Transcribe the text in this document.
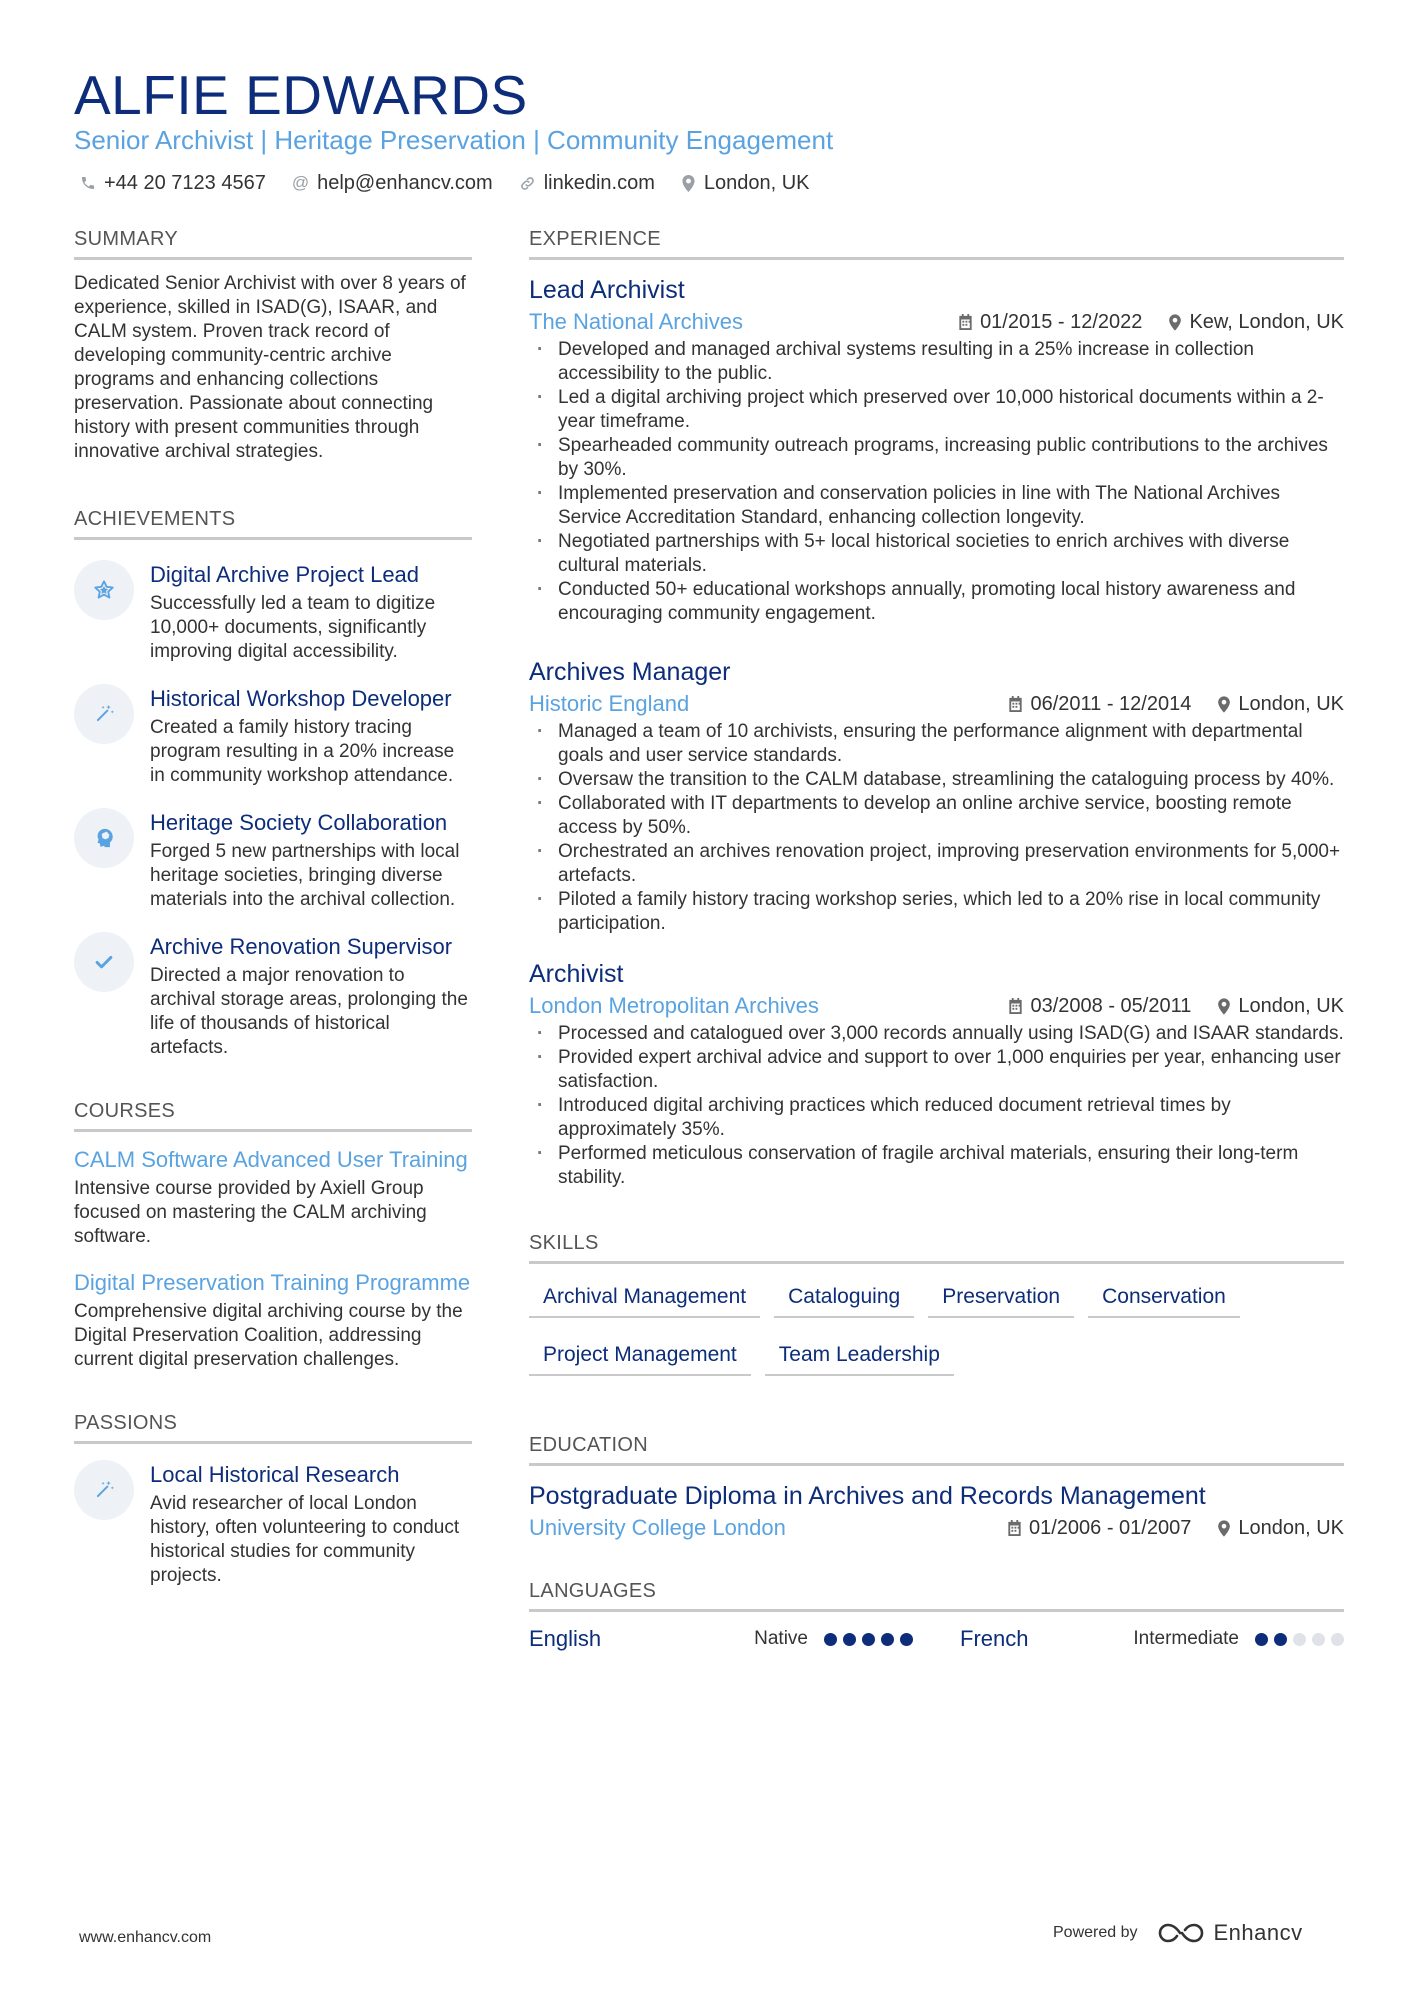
ALFIE EDWARDS
Senior Archivist | Heritage Preservation | Community Engagement
+44 20 7123 4567 @ help@enhancv.com	linkedin.com London, UK
SUMMARY

Dedicated Senior Archivist with over 8 years of experience, skilled in ISAD(G), ISAAR, and CALM system. Proven track record of developing community-centric archive programs and enhancing collections preservation. Passionate about connecting history with present communities through innovative archival strategies.

ACHIEVEMENTS
Digital Archive Project Lead

Successfully led a team to digitize 10,000+ documents, significantly improving digital accessibility.

Historical Workshop Developer

Created a family history tracing program resulting in a 20% increase in community workshop attendance.

Heritage Society Collaboration

Forged 5 new partnerships with local heritage societies, bringing diverse materials into the archival collection.

Archive Renovation Supervisor

Directed a major renovation to archival storage areas, prolonging the life of thousands of historical artefacts.

COURSES
CALM Software Advanced User Training

Intensive course provided by Axiell Group focused on mastering the CALM archiving software.

Digital Preservation Training Programme

Comprehensive digital archiving course by the Digital Preservation Coalition, addressing current digital preservation challenges.

PASSIONS
Local Historical Research

Avid researcher of local London history, often volunteering to conduct historical studies for community projects.

EXPERIENCE
Lead Archivist
The National Archives	01/2015 - 12/2022 Kew, London, UK
· Developed and managed archival systems resulting in a 25% increase in collection accessibility to the public.
· Led a digital archiving project which preserved over 10,000 historical documents within a 2-year timeframe.
· Spearheaded community outreach programs, increasing public contributions to the archives by 30%.
· Implemented preservation and conservation policies in line with The National Archives Service Accreditation Standard, enhancing collection longevity.
· Negotiated partnerships with 5+ local historical societies to enrich archives with diverse cultural materials.
· Conducted 50+ educational workshops annually, promoting local history awareness and encouraging community engagement.
Archives Manager
Historic England	06/2011 - 12/2014 London, UK
· Managed a team of 10 archivists, ensuring the performance alignment with departmental goals and user service standards.
· Oversaw the transition to the CALM database, streamlining the cataloguing process by 40%.
· Collaborated with IT departments to develop an online archive service, boosting remote access by 50%.
· Orchestrated an archives renovation project, improving preservation environments for 5,000+ artefacts.
· Piloted a family history tracing workshop series, which led to a 20% rise in local community participation.
Archivist
London Metropolitan Archives	03/2008 - 05/2011 London, UK
· Processed and catalogued over 3,000 records annually using ISAD(G) and ISAAR standards.
· Provided expert archival advice and support to over 1,000 enquiries per year, enhancing user satisfaction.
· Introduced digital archiving practices which reduced document retrieval times by approximately 35%.
· Performed meticulous conservation of fragile archival materials, ensuring their long-term stability.
SKILLS
Archival Management	Cataloguing	Preservation	Conservation
Project Management	Team Leadership
EDUCATION
Postgraduate Diploma in Archives and Records Management
University College London	01/2006 - 01/2007 London, UK
LANGUAGES
English	Native	French	Intermediate
www.enhancv.com	Powered by	Enhancv
